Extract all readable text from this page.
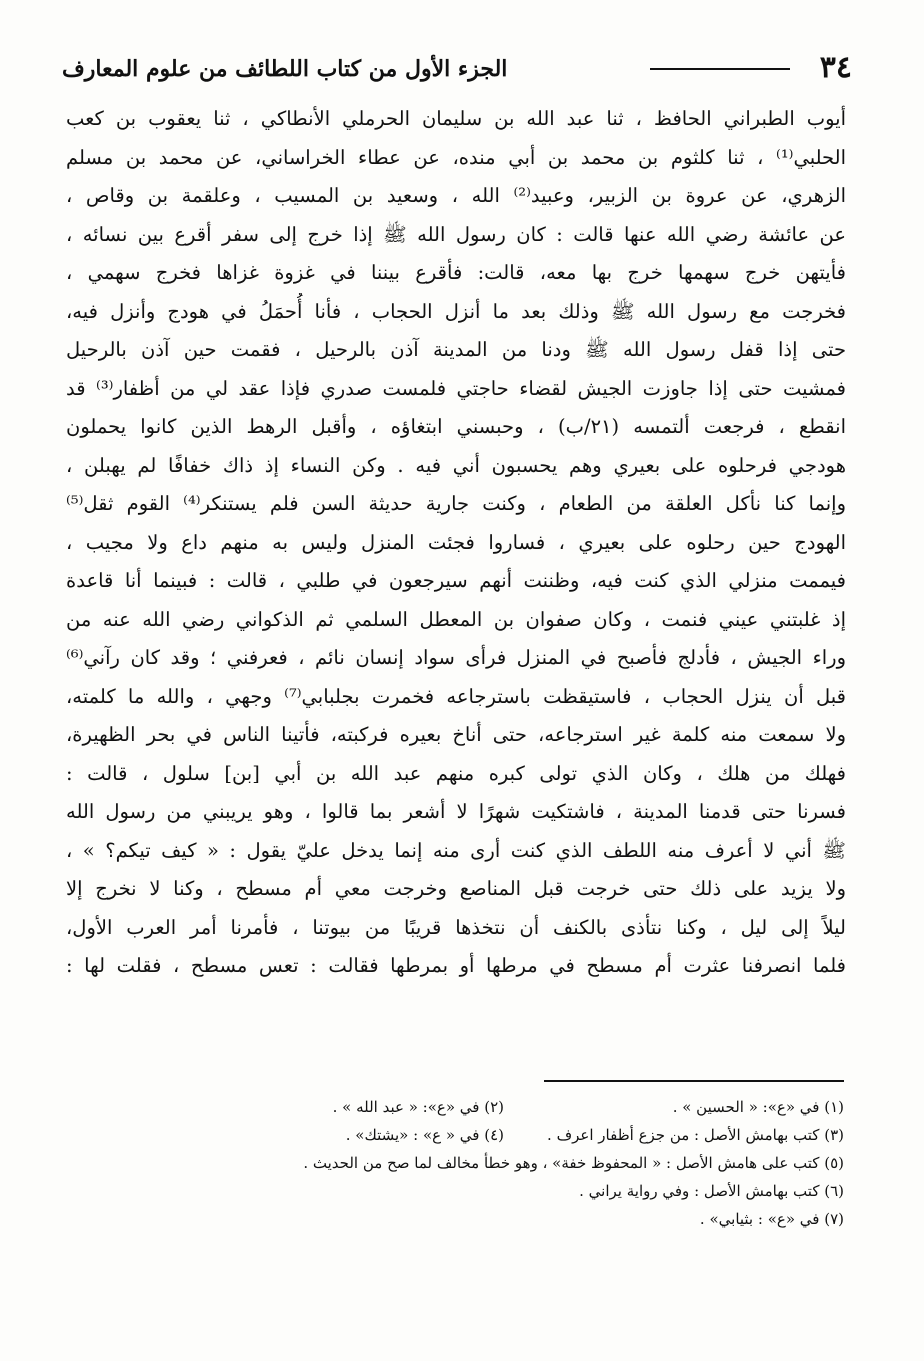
٣٤
الجزء الأول من كتاب اللطائف من علوم المعارف
أيوب الطبراني الحافظ ، ثنا عبد الله بن سليمان الحرملي الأنطاكي ، ثنا يعقوب بن كعب
الحلبي⁽¹⁾ ، ثنا كلثوم بن محمد بن أبي منده، عن عطاء الخراساني، عن محمد بن مسلم
الزهري، عن عروة بن الزبير، وعبيد⁽²⁾ الله ، وسعيد بن المسيب ، وعلقمة بن وقاص ،
عن عائشة رضي الله عنها قالت : كان رسول الله ﷺ إذا خرج إلى سفر أقرع بين نسائه ،
فأيتهن خرج سهمها خرج بها معه، قالت: فأقرع بيننا في غزوة غزاها فخرج سهمي ،
فخرجت مع رسول الله ﷺ وذلك بعد ما أنزل الحجاب ، فأنا أُحمَلُ في هودج وأنزل فيه،
حتى إذا قفل رسول الله ﷺ ودنا من المدينة آذن بالرحيل ، فقمت حين آذن بالرحيل
فمشيت حتى إذا جاوزت الجيش لقضاء حاجتي فلمست صدري فإذا عقد لي من أظفار⁽³⁾ قد
انقطع ، فرجعت ألتمسه (٢١/ب) ، وحبسني ابتغاؤه ، وأقبل الرهط الذين كانوا يحملون
هودجي فرحلوه على بعيري وهم يحسبون أني فيه . وكن النساء إذ ذاك خفافًا لم يهبلن ،
وإنما كنا نأكل العلقة من الطعام ، وكنت جارية حديثة السن فلم يستنكر⁽⁴⁾ القوم ثقل⁽⁵⁾
الهودج حين رحلوه على بعيري ، فساروا فجئت المنزل وليس به منهم داع ولا مجيب ،
فيممت منزلي الذي كنت فيه، وظننت أنهم سيرجعون في طلبي ، قالت : فبينما أنا قاعدة
إذ غلبتني عيني فنمت ، وكان صفوان بن المعطل السلمي ثم الذكواني رضي الله عنه من
وراء الجيش ، فأدلج فأصبح في المنزل فرأى سواد إنسان نائم ، فعرفني ؛ وقد كان رآني⁽⁶⁾
قبل أن ينزل الحجاب ، فاستيقظت باسترجاعه فخمرت بجلبابي⁽⁷⁾ وجهي ، والله ما كلمته،
ولا سمعت منه كلمة غير استرجاعه، حتى أناخ بعيره فركبته، فأتينا الناس في بحر الظهيرة،
فهلك من هلك ، وكان الذي تولى كبره منهم عبد الله بن أبي [بن] سلول ، قالت :
فسرنا حتى قدمنا المدينة ، فاشتكيت شهرًا لا أشعر بما قالوا ، وهو يريبني من رسول الله
ﷺ أني لا أعرف منه اللطف الذي كنت أرى منه إنما يدخل عليّ يقول : « كيف تيكم؟ » ،
ولا يزيد على ذلك حتى خرجت قبل المناصع وخرجت معي أم مسطح ، وكنا لا نخرج إلا
ليلاً إلى ليل ، وكنا نتأذى بالكنف أن نتخذها قريبًا من بيوتنا ، فأمرنا أمر العرب الأول،
فلما انصرفنا عثرت أم مسطح في مرطها أو بمرطها فقالت : تعس مسطح ، فقلت لها :
(١) في «ع»: « الحسين » .
(٢) في «ع»: « عبد الله » .
(٣) كتب بهامش الأصل : من جزع أظفار اعرف .
(٤) في « ع» : «يشتك» .
(٥) كتب على هامش الأصل : « المحفوظ خفة» ، وهو خطأ مخالف لما صح من الحديث .
(٦) كتب بهامش الأصل : وفي رواية يراني .
(٧) في «ع» : بثيابي» .
